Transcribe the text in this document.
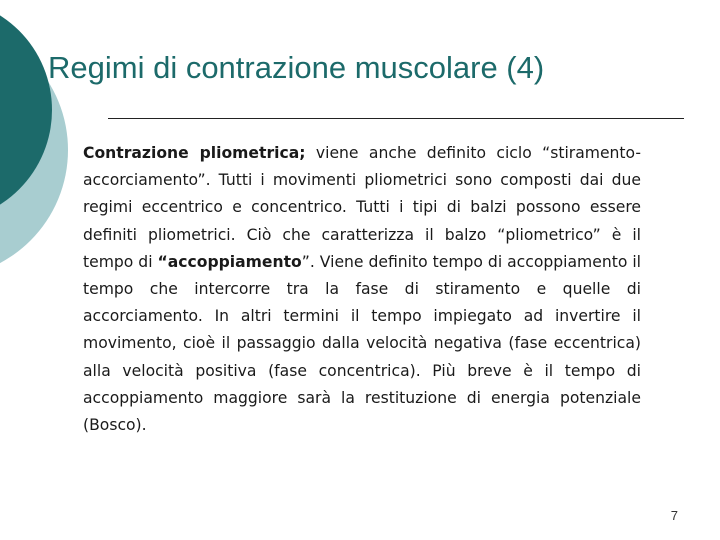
Regimi di contrazione muscolare (4)

Contrazione pliometrica; viene anche definito ciclo “stiramento-accorciamento”. Tutti i movimenti pliometrici sono composti dai due regimi eccentrico e concentrico. Tutti i tipi di balzi possono essere definiti pliometrici. Ciò che caratterizza il balzo “pliometrico” è il tempo di “accoppiamento”. Viene definito tempo di accoppiamento il tempo che intercorre tra la fase di stiramento e quelle di accorciamento. In altri termini il tempo impiegato ad invertire il movimento, cioè il passaggio dalla velocità negativa (fase eccentrica) alla velocità positiva (fase concentrica). Più breve è il tempo di accoppiamento maggiore sarà la restituzione di energia potenziale (Bosco).

7
